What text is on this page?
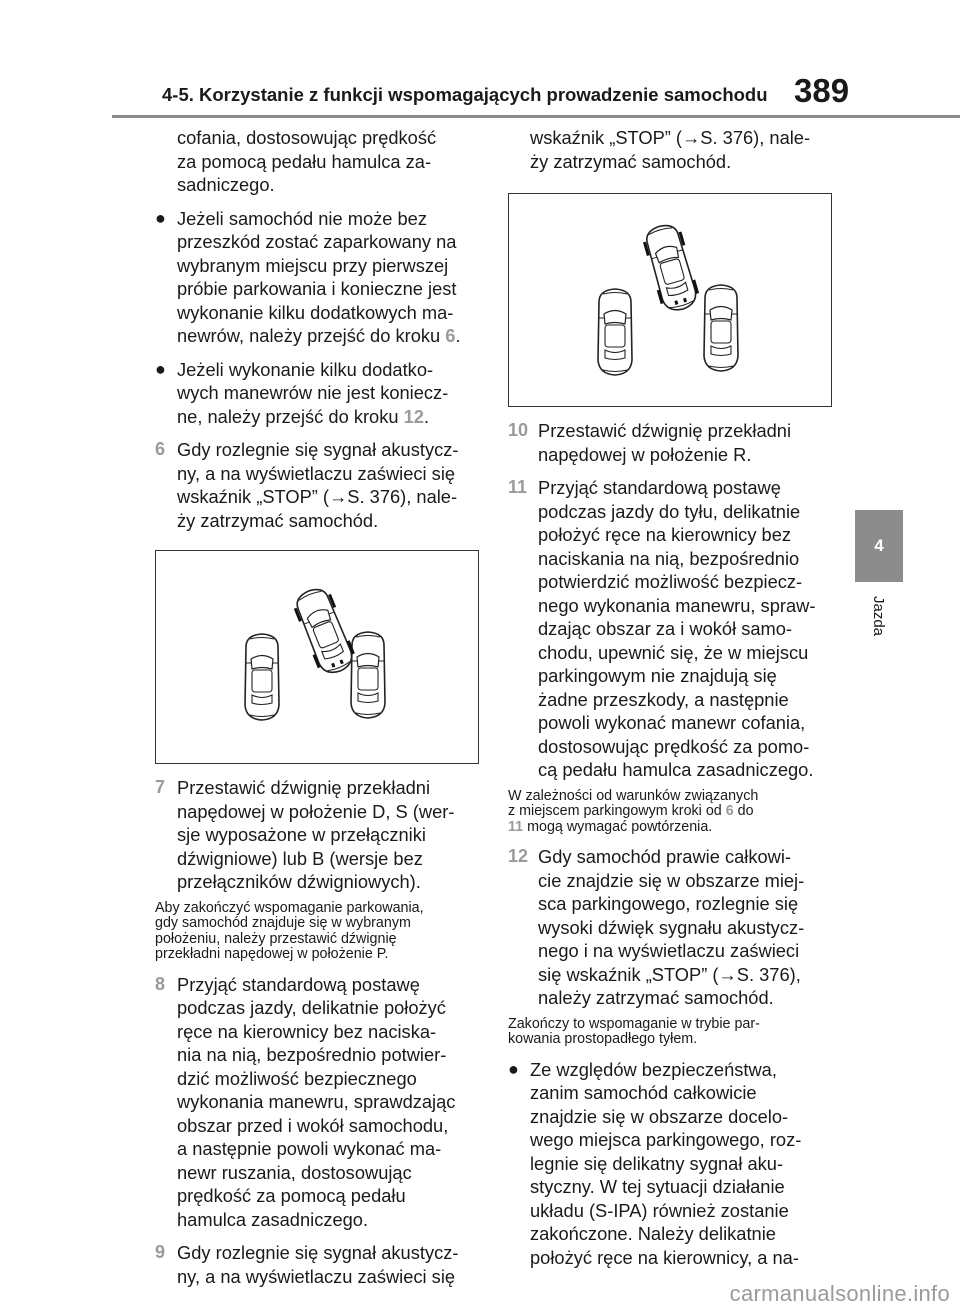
4-5. Korzystanie z funkcji wspomagających prowadzenie samochodu 389
4
Jazda

cofania, dostosowując prędkość

za pomocą pedału hamulca za-

sadniczego.

● Jeżeli samochód nie może bez

przeszkód zostać zaparkowany na

wybranym miejscu przy pierwszej

próbie parkowania i konieczne jest

wykonanie kilku dodatkowych ma-

newrów, należy przejść do kroku 6.

● Jeżeli wykonanie kilku dodatko-

wych manewrów nie jest koniecz-

ne, należy przejść do kroku 12.

6 Gdy rozlegnie się sygnał akustycz-

ny, a na wyświetlaczu zaświeci się

wskaźnik „STOP” (→S. 376), nale-

ży zatrzymać samochód.

7 Przestawić dźwignię przekładni

napędowej w położenie D, S (wer-

sje wyposażone w przełączniki

dźwigniowe) lub B (wersje bez

przełączników dźwigniowych).

Aby zakończyć wspomaganie parkowania,

gdy samochód znajduje się w wybranym

położeniu, należy przestawić dźwignię

przekładni napędowej w położenie P.

8 Przyjąć standardową postawę

podczas jazdy, delikatnie położyć

ręce na kierownicy bez naciska-

nia na nią, bezpośrednio potwier-

dzić możliwość bezpiecznego

wykonania manewru, sprawdzając

obszar przed i wokół samochodu,

a następnie powoli wykonać ma-

newr ruszania, dostosowując

prędkość za pomocą pedału

hamulca zasadniczego.

9 Gdy rozlegnie się sygnał akustycz-

ny, a na wyświetlaczu zaświeci się

wskaźnik „STOP” (→S. 376), nale-

ży zatrzymać samochód.

10 Przestawić dźwignię przekładni

napędowej w położenie R.

11 Przyjąć standardową postawę

podczas jazdy do tyłu, delikatnie

położyć ręce na kierownicy bez

naciskania na nią, bezpośrednio

potwierdzić możliwość bezpiecz-

nego wykonania manewru, spraw-

dzając obszar za i wokół samo-

chodu, upewnić się, że w miejscu

parkingowym nie znajdują się

żadne przeszkody, a następnie

powoli wykonać manewr cofania,

dostosowując prędkość za pomo-

cą pedału hamulca zasadniczego.

W zależności od warunków związanych

z miejscem parkingowym kroki od 6 do

11 mogą wymagać powtórzenia.

12 Gdy samochód prawie całkowi-

cie znajdzie się w obszarze miej-

sca parkingowego, rozlegnie się

wysoki dźwięk sygnału akustycz-

nego i na wyświetlaczu zaświeci

się wskaźnik „STOP” (→S. 376),

należy zatrzymać samochód.

Zakończy to wspomaganie w trybie par-

kowania prostopadłego tyłem.

● Ze względów bezpieczeństwa,

zanim samochód całkowicie

znajdzie się w obszarze docelo-

wego miejsca parkingowego, roz-

legnie się delikatny sygnał aku-

styczny. W tej sytuacji działanie

układu (S-IPA) również zostanie

zakończone. Należy delikatnie

położyć ręce na kierownicy, a na-

carmanualsonline.info
